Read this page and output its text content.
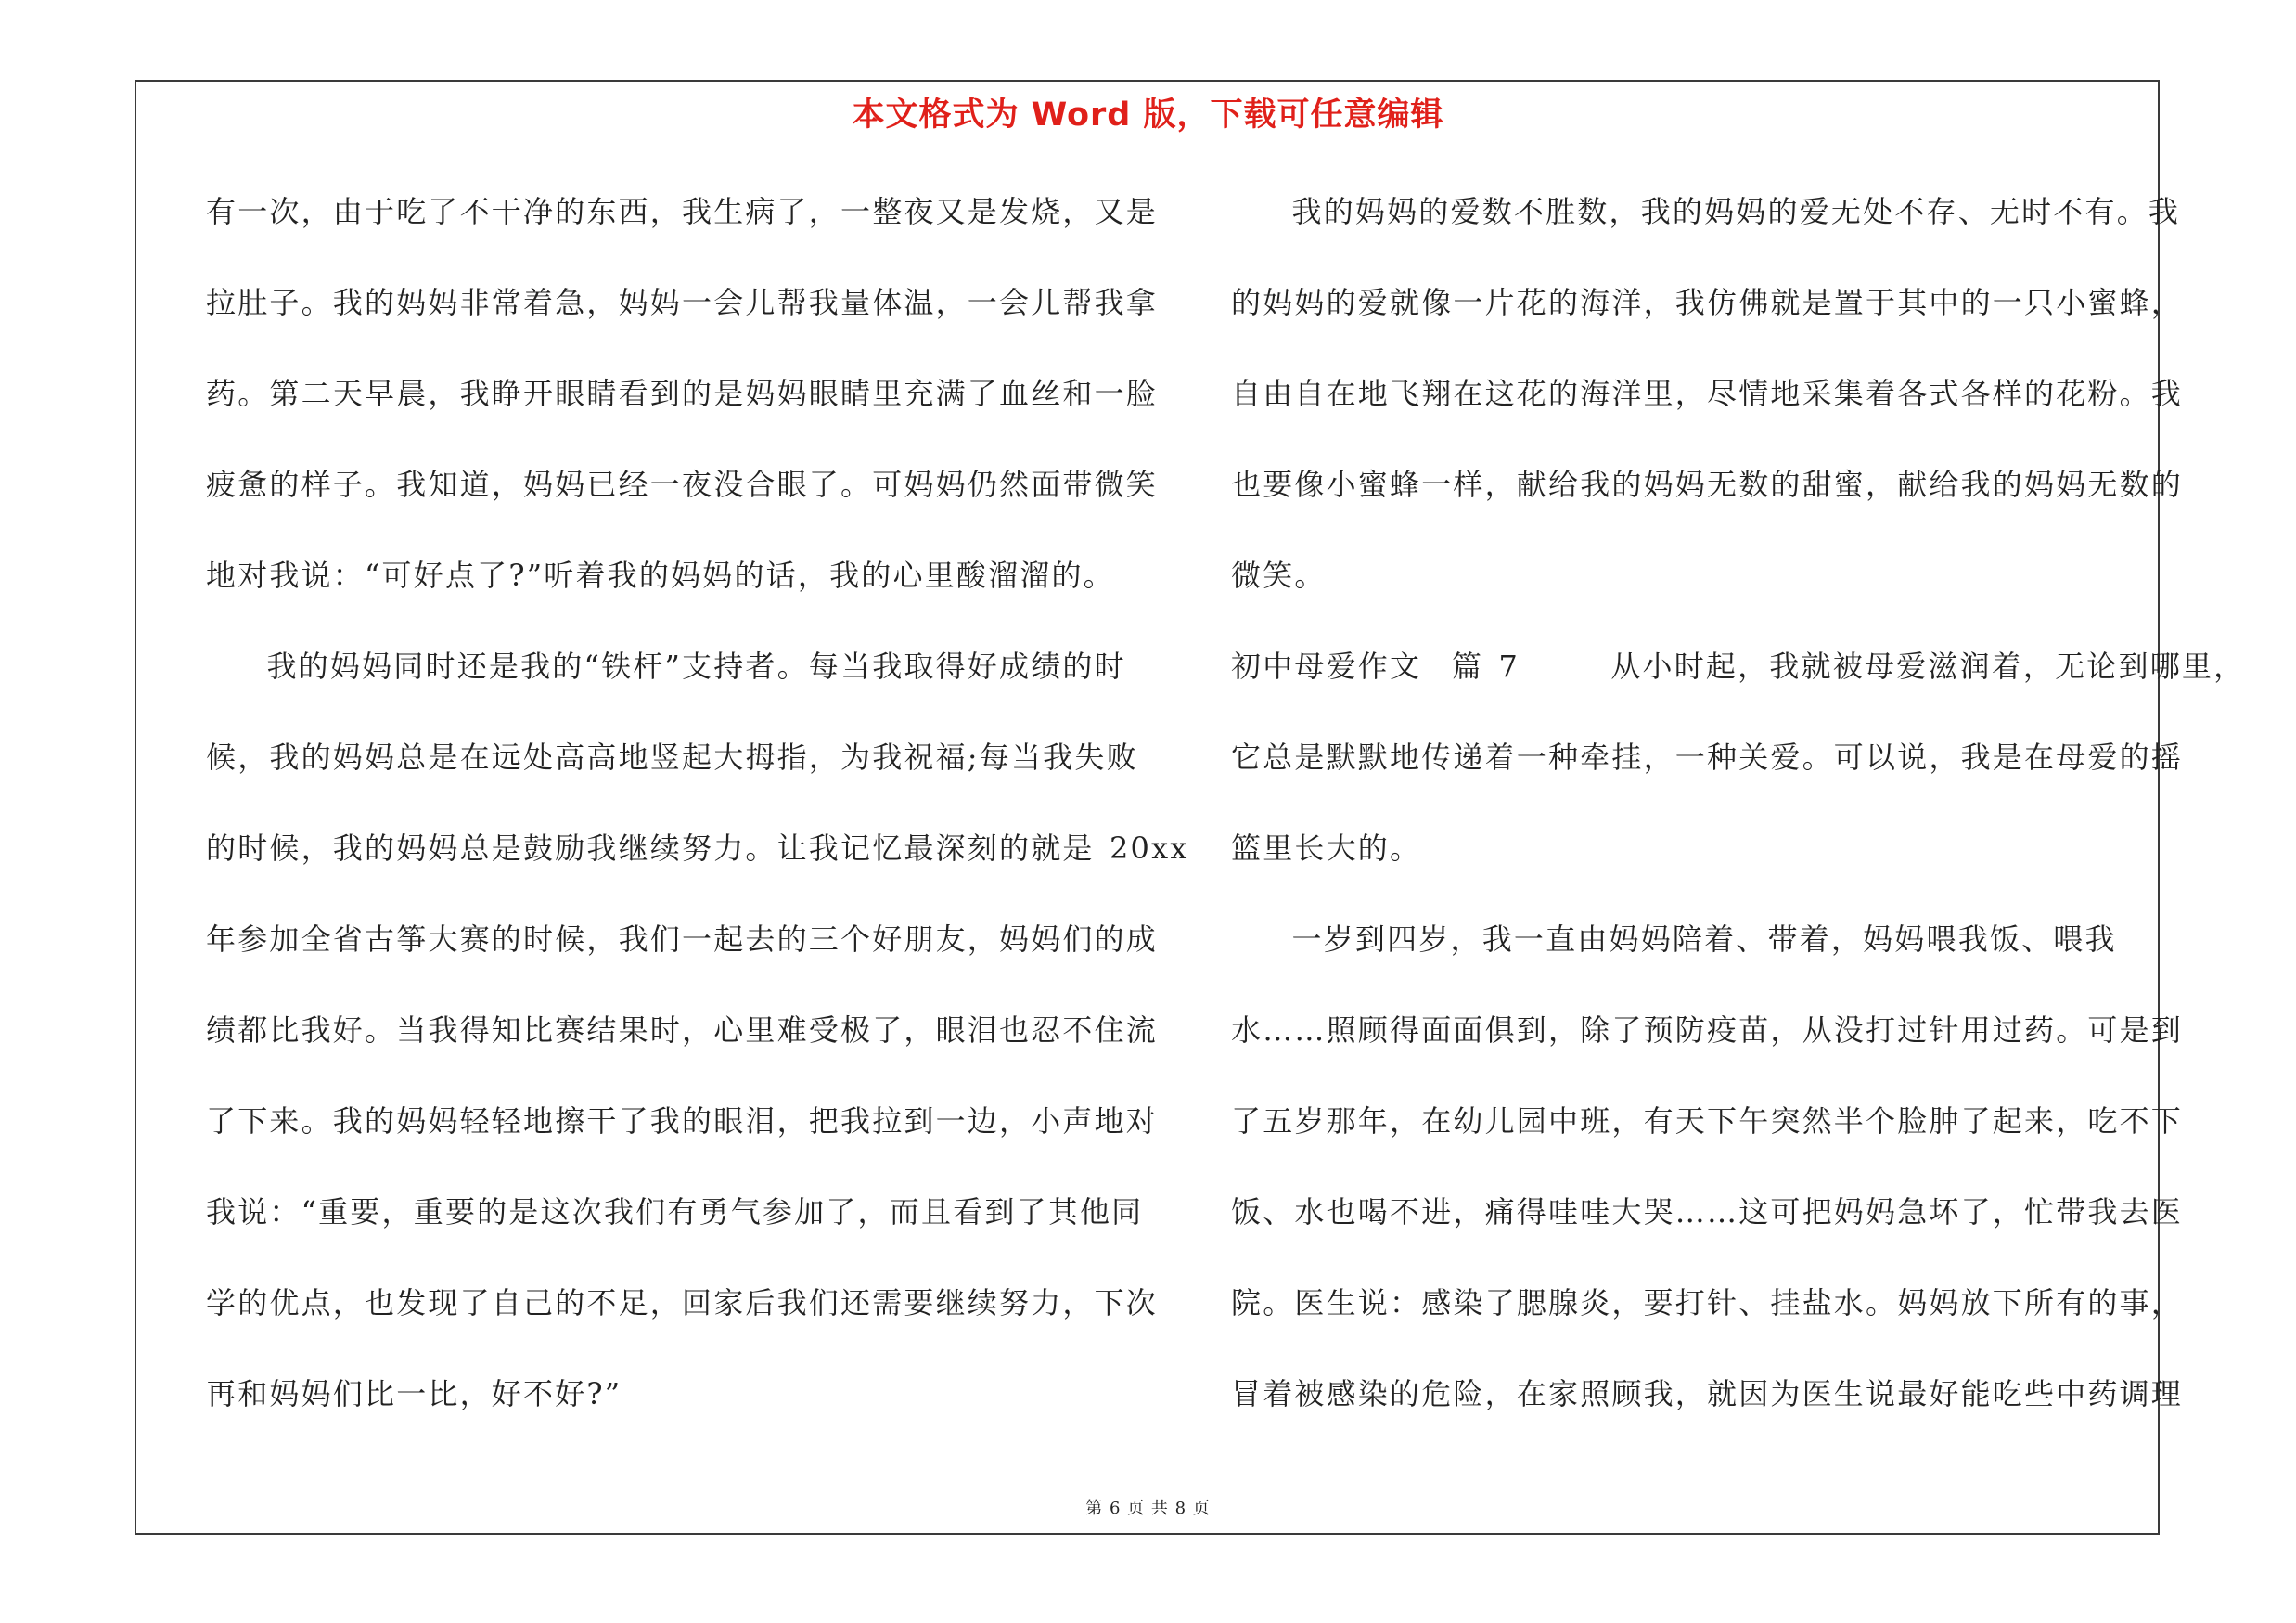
本文格式为 Word 版，下载可任意编辑
有一次，由于吃了不干净的东西，我生病了，一整夜又是发烧，又是
拉肚子。我的妈妈非常着急，妈妈一会儿帮我量体温，一会儿帮我拿
药。第二天早晨，我睁开眼睛看到的是妈妈眼睛里充满了血丝和一脸
疲惫的样子。我知道，妈妈已经一夜没合眼了。可妈妈仍然面带微笑
地对我说：“可好点了?”听着我的妈妈的话，我的心里酸溜溜的。
我的妈妈同时还是我的“铁杆”支持者。每当我取得好成绩的时
候，我的妈妈总是在远处高高地竖起大拇指，为我祝福;每当我失败
的时候，我的妈妈总是鼓励我继续努力。让我记忆最深刻的就是 20xx
年参加全省古筝大赛的时候，我们一起去的三个好朋友，妈妈们的成
绩都比我好。当我得知比赛结果时，心里难受极了，眼泪也忍不住流
了下来。我的妈妈轻轻地擦干了我的眼泪，把我拉到一边，小声地对
我说：“重要，重要的是这次我们有勇气参加了，而且看到了其他同
学的优点，也发现了自己的不足，回家后我们还需要继续努力，下次
再和妈妈们比一比，好不好?”
我的妈妈的爱数不胜数，我的妈妈的爱无处不存、无时不有。我
的妈妈的爱就像一片花的海洋，我仿佛就是置于其中的一只小蜜蜂，
自由自在地飞翔在这花的海洋里，尽情地采集着各式各样的花粉。我
也要像小蜜蜂一样，献给我的妈妈无数的甜蜜，献给我的妈妈无数的
微笑。
初中母爱作文  篇 7      从小时起，我就被母爱滋润着，无论到哪里，
它总是默默地传递着一种牵挂，一种关爱。可以说，我是在母爱的摇
篮里长大的。
一岁到四岁，我一直由妈妈陪着、带着，妈妈喂我饭、喂我
水……照顾得面面俱到，除了预防疫苗，从没打过针用过药。可是到
了五岁那年，在幼儿园中班，有天下午突然半个脸肿了起来，吃不下
饭、水也喝不进，痛得哇哇大哭……这可把妈妈急坏了，忙带我去医
院。医生说：感染了腮腺炎，要打针、挂盐水。妈妈放下所有的事，
冒着被感染的危险，在家照顾我，就因为医生说最好能吃些中药调理
第 6 页 共 8 页
